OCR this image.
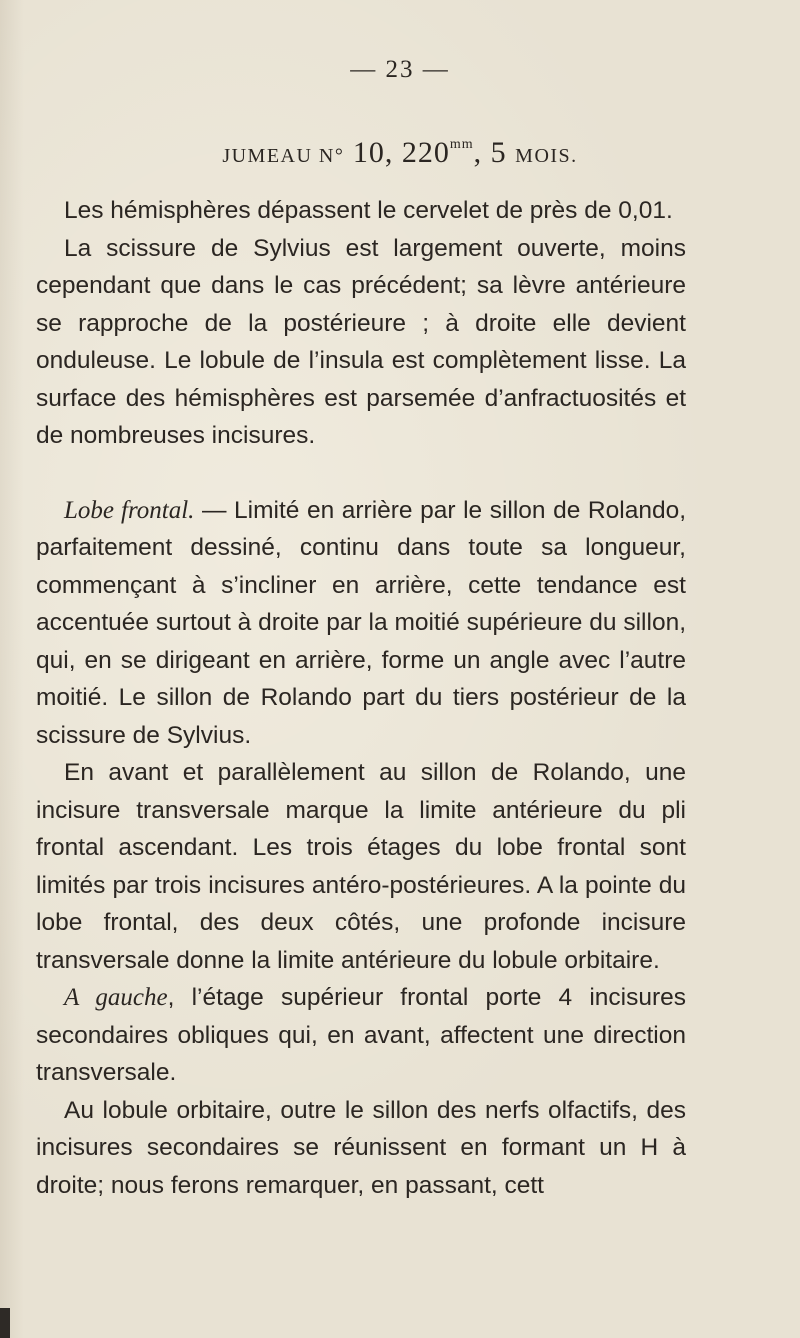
— 23 —
JUMEAU N° 10, $220^{mm}$, 5 MOIS.

Les hémisphères dépassent le cervelet de près de 0,01.

La scissure de Sylvius est largement ouverte, moins cependant que dans le cas précédent; sa lèvre antérieure se rapproche de la postérieure ; à droite elle devient onduleuse. Le lobule de l’insula est complètement lisse. La surface des hémisphères est parsemée d’anfractuosités et de nombreuses incisures.

Lobe frontal. — Limité en arrière par le sillon de Rolando, parfaitement dessiné, continu dans toute sa longueur, commençant à s’incliner en arrière, cette tendance est accentuée surtout à droite par la moitié supérieure du sillon, qui, en se dirigeant en arrière, forme un angle avec l’autre moitié. Le sillon de Rolando part du tiers postérieur de la scissure de Sylvius.

En avant et parallèlement au sillon de Rolando, une incisure transversale marque la limite antérieure du pli frontal ascendant. Les trois étages du lobe frontal sont limités par trois incisures antéro-postérieures. A la pointe du lobe frontal, des deux côtés, une profonde incisure transversale donne la limite antérieure du lobule orbitaire.

A gauche, l’étage supérieur frontal porte 4 incisures secondaires obliques qui, en avant, affectent une direction transversale.

Au lobule orbitaire, outre le sillon des nerfs olfactifs, des incisures secondaires se réunissent en formant un H à droite; nous ferons remarquer, en passant, cett
